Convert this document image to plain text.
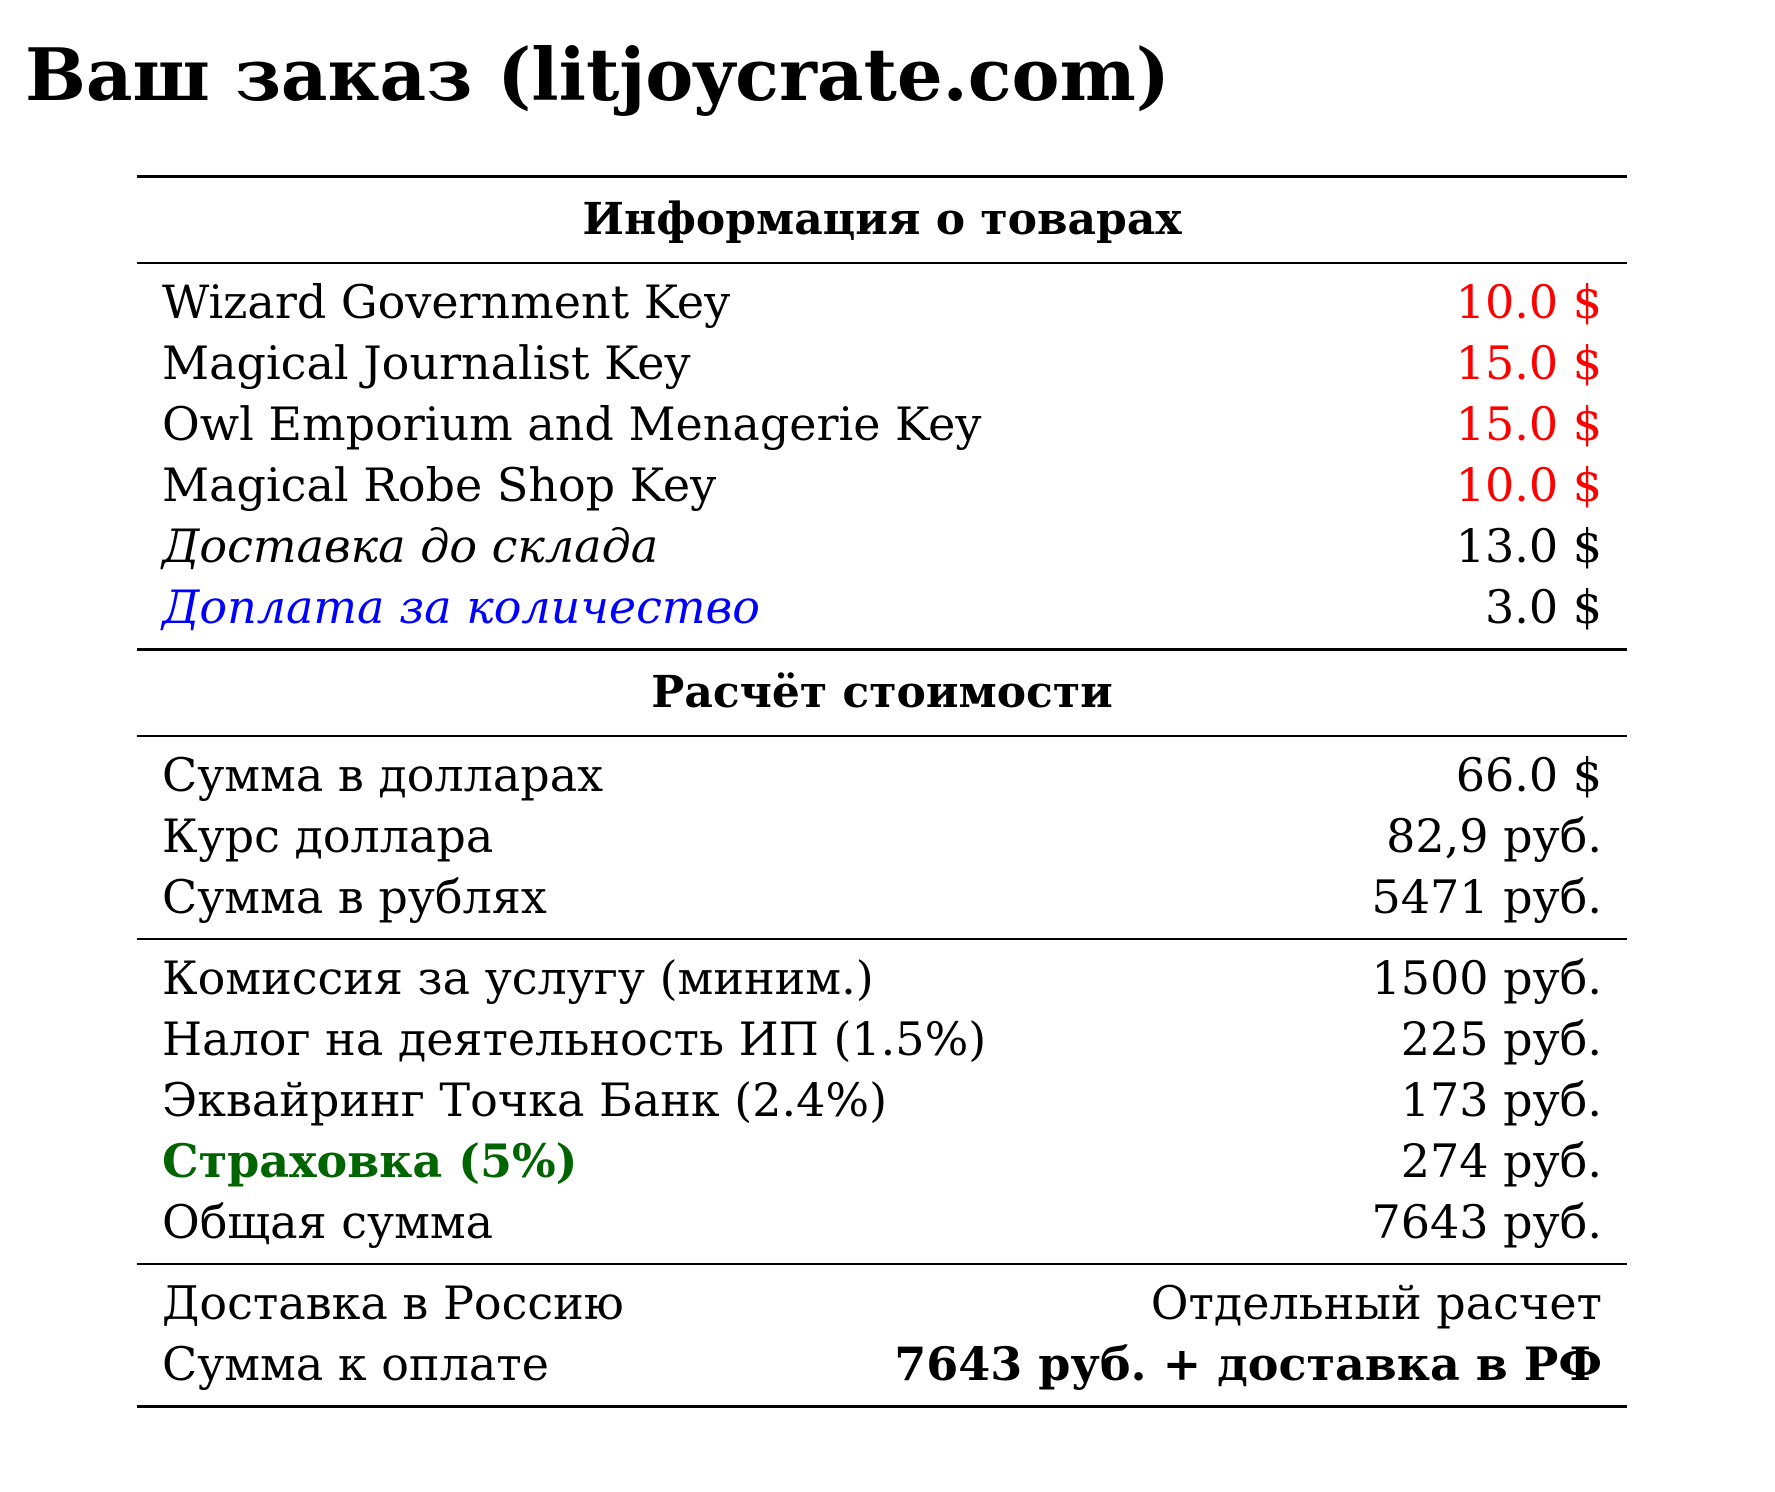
Ваш заказ (litjoycrate.com)
Информация о товарах
Wizard Government Key	10.0 $
Magical Journalist Key	15.0 $
Owl Emporium and Menagerie Key	15.0 $
Magical Robe Shop Key	10.0 $
Доставка до склада	13.0 $
Доплата за количество	3.0 $
Расчёт стоимости
Сумма в долларах	66.0 $
Курс доллара	82,9 руб.
Сумма в рублях	5471 руб.
Комиссия за услугу (миним.)	1500 руб.
Налог на деятельность ИП (1.5%)	225 руб.
Эквайринг Точка Банк (2.4%)	173 руб.
Страховка (5%)	274 руб.
Общая сумма	7643 руб.
Доставка в Россию	Отдельный расчет
Сумма к оплате	7643 руб. + доставка в РФ
